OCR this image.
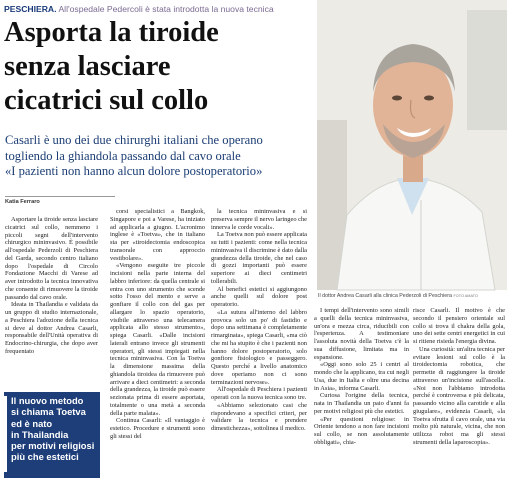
PESCHIERA. All'ospedale Pedercoli è stata introdotta la nuova tecnica
Asporta la tiroide
senza lasciare
cicatrici sul collo
Casarli è uno dei due chirurghi italiani che operano
togliendo la ghiandola passando dal cavo orale
«I pazienti non hanno alcun dolore postoperatorio»
Katia Ferraro

Asportare la tiroide senza lasciare cicatrici sul collo, nemmeno i piccoli segni dell'intervento chirurgico mininvasivo. È possibile all'ospedale Pederzoli di Peschiera del Garda, secondo centro italiano dopo l'ospedale di Circolo Fondazione Macchi di Varese ad aver introdotto la tecnica innovativa che consente di rimuovere la tiroide passando dal cavo orale.

Ideata in Thailandia e validata da un gruppo di studio internazionale, a Peschiera l'adozione della tecnica si deve al dottor Andrea Casarli, responsabile dell'Unità operativa di Endocrino-chirurgia, che dopo aver frequentato

corsi specialistici a Bangkok, Singapore e poi a Varese, ha iniziato ad applicarla a giugno. L'acronimo inglese è «Toetva», che in italiano sta per «tiroidectomia endoscopica transorale con approccio vestibolare».

«Vengono eseguite tre piccole incisioni nella parte interna del labbro inferiore: da quella centrale si entra con uno strumento che scende sotto l'osso del mento e serve a gonfiare il collo con del gas per allargare lo spazio operatorio, visibile attraverso una telecamera applicata allo stesso strumento», spiega Casarli. «Dalle incisioni laterali entrano invece gli strumenti operatori, gli stessi impiegati nella tecnica mininvasiva. Con la Toetva la dimensione massima della ghiandola tiroidea da rimuovere può arrivare a dieci centimetri: a seconda della grandezza, la tiroide può essere sezionata prima di essere asportata, totalmente o una metà a seconda della parte malata».

Continua Casarli: «Il vantaggio è estetico. Procedure e strumenti sono gli stessi del

la tecnica mininvasiva e si preserva sempre il nervo laringeo che innerva le corde vocali».

La Toetva non può essere applicata su tutti i pazienti: come nella tecnica mininvasiva il discrimine è dato dalla grandezza della tiroide, che nel caso di gozzi importanti può essere superiore ai dieci centimetri tollerabili.

Al benefici estetici si aggiungono anche quelli sul dolore post operatorio.

«La sutura all'interno del labbro provoca solo un po' di fastidio e dopo una settimana è completamente rimarginata», spiega Casarli, «ma ciò che mi ha stupito è che i pazienti non hanno dolore postoperatorio, solo gonfiore fisiologico e passeggero. Questo perché a livello anatomico dove operiamo non ci sono terminazioni nervose».

All'ospedale di Peschiera i pazienti operati con la nuova tecnica sono tre.

«Abbiamo selezionato casi che rispondevano a specifici criteri, per validare la tecnica e prendere dimestichezza», sottolinea il medico.

Il dottor Andrea Casarli alla clinica Pederzoli di Peschiera FOTO AMATO

I tempi dell'intervento sono simili a quelli della tecnica mininvasiva, un'ora e mezza circa, riducibili con l'esperienza. A testimoniare l'assoluta novità della Toetva c'è la sua diffusione, limitata ma in espansione.

«Oggi sono solo 25 i centri al mondo che la applicano, tra cui negli Usa, due in Italia e oltre una decina in Asia», informa Casarli.

Curiosa l'origine della tecnica, nata in Thailandia un paio d'anni fa per motivi religiosi più che estetici.

«Per questioni religiose: in Oriente tendono a non fare incisioni sul collo, se non assolutamente obbligati», chia-

risce Casarli. Il motivo è che secondo il pensiero orientale sul collo si trova il chakra della gola, uno dei sette centri energetici in cui si ritiene risieda l'energia divina.

Una curiosità: un'altra tecnica per evitare lesioni sul collo è la tiroidectomia robotica, che permette di raggiungere la tiroide attraverso un'incisione sull'ascella. «Noi non l'abbiamo introdotta perché è controversa e più delicata, passando vicino alla carotide e alla giugulare», evidenzia Casarli, «la Toetva sfrutta il cavo orale, una via molto più naturale, vicina, che non utilizza robot ma gli stessi strumenti della laparoscopia».

Il nuovo metodo
si chiama Toetva
ed è nato
in Thailandia
per motivi religiosi
più che estetici
